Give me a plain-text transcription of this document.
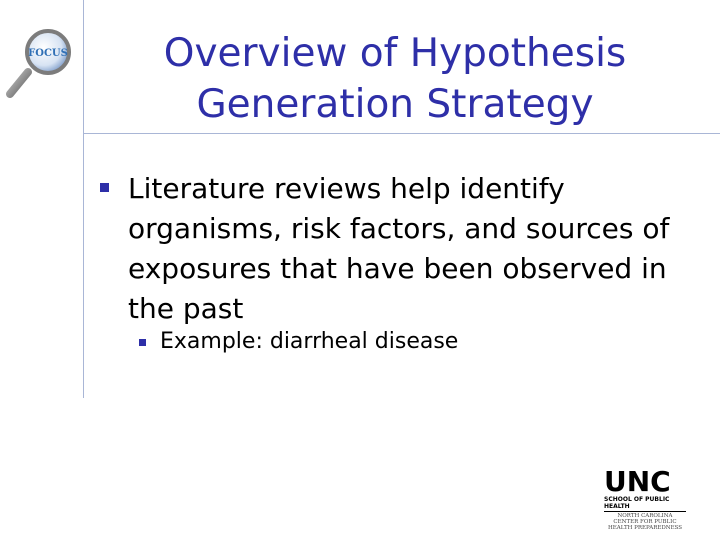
FOCUS	Overview of Hypothesis Generation Strategy
Literature reviews help identify organisms, risk factors, and sources of exposures that have been observed in the past
Example: diarrheal disease
UNC
SCHOOL OF PUBLIC HEALTH
NORTH CAROLINA
CENTER FOR PUBLIC
HEALTH PREPAREDNESS
